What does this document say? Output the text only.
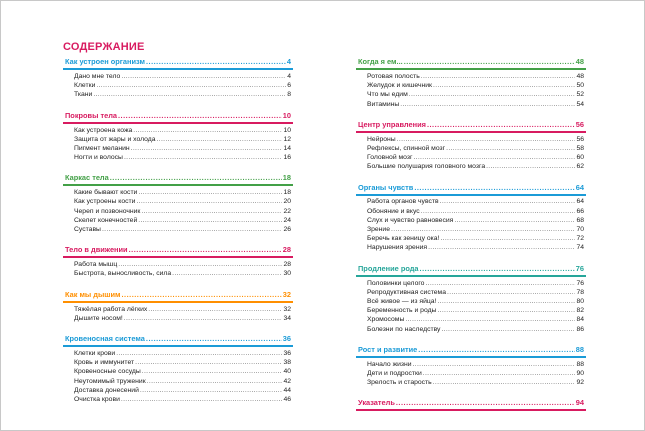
СОДЕРЖАНИЕ
Как устроен организм .....	4
Дано мне тело .....	4
Клетки .....	6
Ткани .....	8
Покровы тела .....	10
Как устроена кожа .....	10
Защита от жары и холода .....	12
Пигмент меланин .....	14
Ногти и волосы .....	16
Каркас тела .....	18
Какие бывают кости .....	18
Как устроены кости .....	20
Череп и позвоночник .....	22
Скелет конечностей .....	24
Суставы .....	26
Тело в движении .....	28
Работа мышц .....	28
Быстрота, выносливость, сила .....	30
Как мы дышим .....	32
Тяжёлая работа лёгких .....	32
Дышите носом! .....	34
Кровеносная система .....	36
Клетки крови .....	36
Кровь и иммунитет .....	38
Кровеносные сосуды .....	40
Неутомимый труженик .....	42
Доставка донесений .....	44
Очистка крови .....	46
Когда я ем... .....	48
Ротовая полость .....	48
Желудок и кишечник .....	50
Что мы едим .....	52
Витамины .....	54
Центр управления .....	56
Нейроны .....	56
Рефлексы, спинной мозг .....	58
Головной мозг .....	60
Большие полушария головного мозга .....	62
Органы чувств .....	64
Работа органов чувств .....	64
Обоняние и вкус .....	66
Слух и чувство равновесия .....	68
Зрение .....	70
Беречь как зеницу ока! .....	72
Нарушения зрения .....	74
Продление рода .....	76
Половинки целого .....	76
Репродуктивная система .....	78
Всё живое — из яйца! .....	80
Беременность и роды .....	82
Хромосомы .....	84
Болезни по наследству .....	86
Рост и развитие .....	88
Начало жизни .....	88
Дети и подростки .....	90
Зрелость и старость .....	92
Указатель .....	94
